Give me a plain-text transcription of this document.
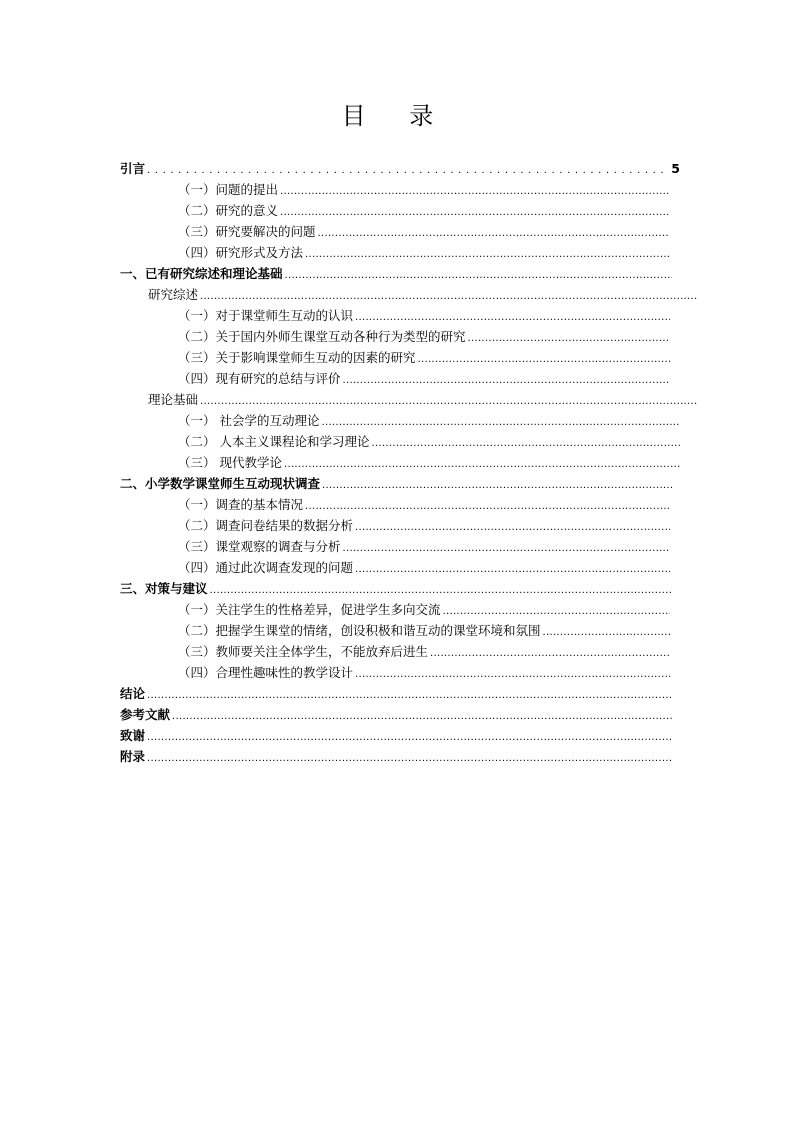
目 录
引言
.....	5
（一）问题的提出
.....
（二）研究的意义
.....
（三）研究要解决的问题
.....
（四）研究形式及方法
.....
一、已有研究综述和理论基础
.....
研究综述
.....
（一）对于课堂师生互动的认识
.....
（二）关于国内外师生课堂互动各种行为类型的研究
.....
（三）关于影响课堂师生互动的因素的研究
.....
（四）现有研究的总结与评价
.....
理论基础
.....
（一） 社会学的互动理论
.....
（二） 人本主义课程论和学习理论
.....
（三） 现代教学论
.....
二、小学数学课堂师生互动现状调查
.....
（一）调查的基本情况
.....
（二）调查问卷结果的数据分析
.....
（三）课堂观察的调查与分析
.....
（四）通过此次调查发现的问题
.....
三、对策与建议
.....
（一）关注学生的性格差异，促进学生多向交流
.....
（二）把握学生课堂的情绪，创设积极和谐互动的课堂环境和氛围
.....
（三）教师要关注全体学生，不能放弃后进生
.....
（四）合理性趣味性的教学设计
.....
结论
.....
参考文献
.....
致谢
.....
附录
.....
